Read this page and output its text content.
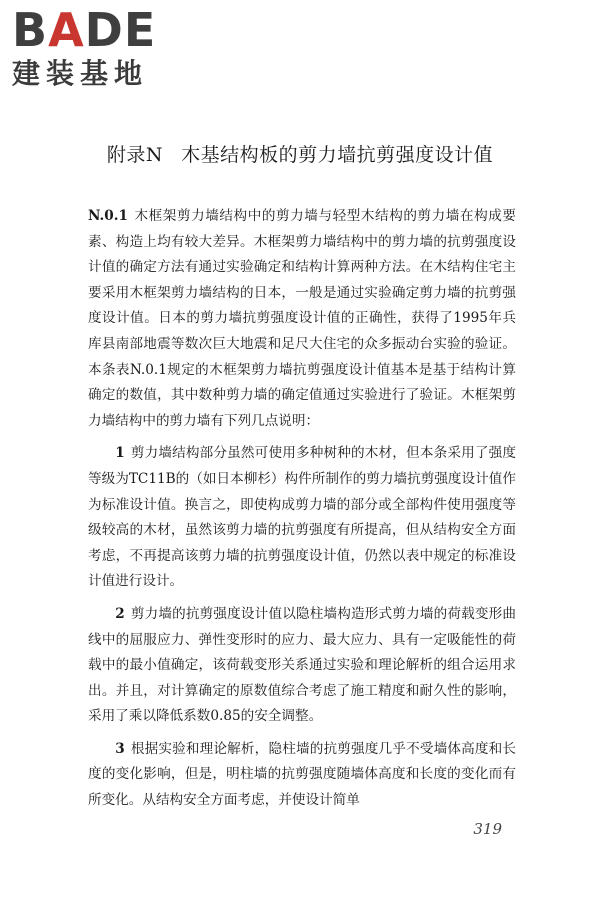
BADE
建装基地
附录N 木基结构板的剪力墙抗剪强度设计值

N.0.1 木框架剪力墙结构中的剪力墙与轻型木结构的剪力墙在构成要素、构造上均有较大差异。木框架剪力墙结构中的剪力墙的抗剪强度设计值的确定方法有通过实验确定和结构计算两种方法。在木结构住宅主要采用木框架剪力墙结构的日本，一般是通过实验确定剪力墙的抗剪强度设计值。日本的剪力墙抗剪强度设计值的正确性，获得了1995年兵库县南部地震等数次巨大地震和足尺大住宅的众多振动台实验的验证。本条表N.0.1规定的木框架剪力墙抗剪强度设计值基本是基于结构计算确定的数值，其中数种剪力墙的确定值通过实验进行了验证。木框架剪力墙结构中的剪力墙有下列几点说明：

1 剪力墙结构部分虽然可使用多种树种的木材，但本条采用了强度等级为TC11B的（如日本柳杉）构件所制作的剪力墙抗剪强度设计值作为标准设计值。换言之，即使构成剪力墙的部分或全部构件使用强度等级较高的木材，虽然该剪力墙的抗剪强度有所提高，但从结构安全方面考虑，不再提高该剪力墙的抗剪强度设计值，仍然以表中规定的标准设计值进行设计。

2 剪力墙的抗剪强度设计值以隐柱墙构造形式剪力墙的荷载变形曲线中的屈服应力、弹性变形时的应力、最大应力、具有一定吸能性的荷载中的最小值确定，该荷载变形关系通过实验和理论解析的组合运用求出。并且，对计算确定的原数值综合考虑了施工精度和耐久性的影响，采用了乘以降低系数0.85的安全调整。

3 根据实验和理论解析，隐柱墙的抗剪强度几乎不受墙体高度和长度的变化影响，但是，明柱墙的抗剪强度随墙体高度和长度的变化而有所变化。从结构安全方面考虑，并使设计简单

319
